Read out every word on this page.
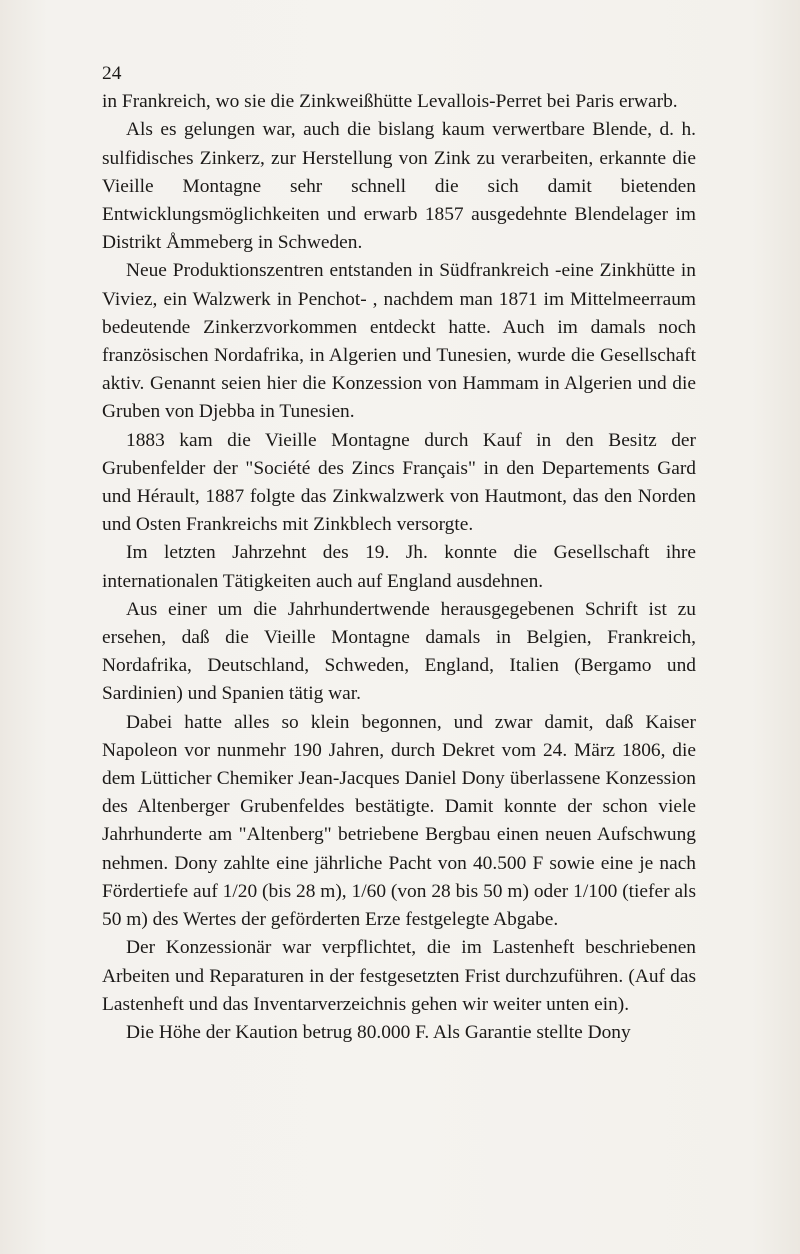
24

in Frankreich, wo sie die Zinkweißhütte Levallois-Perret bei Paris erwarb.

Als es gelungen war, auch die bislang kaum verwertbare Blende, d. h. sulfidisches Zinkerz, zur Herstellung von Zink zu verarbeiten, erkannte die Vieille Montagne sehr schnell die sich damit bietenden Entwicklungsmöglichkeiten und erwarb 1857 ausgedehnte Blendelager im Distrikt Åmmeberg in Schweden.

Neue Produktionszentren entstanden in Südfrankreich -eine Zinkhütte in Viviez, ein Walzwerk in Penchot- , nachdem man 1871 im Mittelmeerraum bedeutende Zinkerzvorkommen entdeckt hatte. Auch im damals noch französischen Nordafrika, in Algerien und Tunesien, wurde die Gesellschaft aktiv. Genannt seien hier die Konzession von Hammam in Algerien und die Gruben von Djebba in Tunesien.

1883 kam die Vieille Montagne durch Kauf in den Besitz der Grubenfelder der "Société des Zincs Français" in den Departements Gard und Hérault, 1887 folgte das Zinkwalzwerk von Hautmont, das den Norden und Osten Frankreichs mit Zinkblech versorgte.

Im letzten Jahrzehnt des 19. Jh. konnte die Gesellschaft ihre internationalen Tätigkeiten auch auf England ausdehnen.

Aus einer um die Jahrhundertwende herausgegebenen Schrift ist zu ersehen, daß die Vieille Montagne damals in Belgien, Frankreich, Nordafrika, Deutschland, Schweden, England, Italien (Bergamo und Sardinien) und Spanien tätig war.

Dabei hatte alles so klein begonnen, und zwar damit, daß Kaiser Napoleon vor nunmehr 190 Jahren, durch Dekret vom 24. März 1806, die dem Lütticher Chemiker Jean-Jacques Daniel Dony überlassene Konzession des Altenberger Grubenfeldes bestätigte. Damit konnte der schon viele Jahrhunderte am "Altenberg" betriebene Bergbau einen neuen Aufschwung nehmen. Dony zahlte eine jährliche Pacht von 40.500 F sowie eine je nach Fördertiefe auf 1/20 (bis 28 m), 1/60 (von 28 bis 50 m) oder 1/100 (tiefer als 50 m) des Wertes der geförderten Erze festgelegte Abgabe.

Der Konzessionär war verpflichtet, die im Lastenheft beschriebenen Arbeiten und Reparaturen in der festgesetzten Frist durchzuführen. (Auf das Lastenheft und das Inventarverzeichnis gehen wir weiter unten ein).

Die Höhe der Kaution betrug 80.000 F. Als Garantie stellte Dony
